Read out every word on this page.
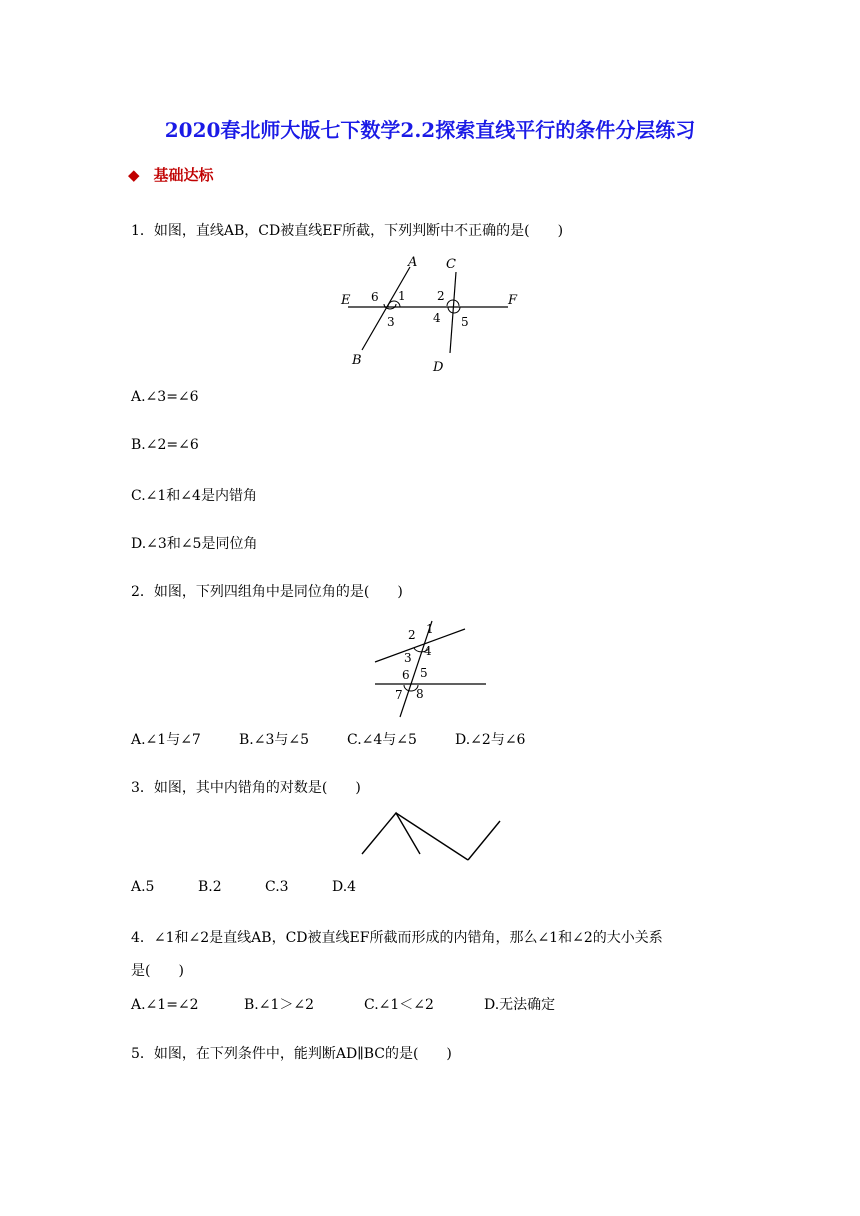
2020春北师大版七下数学2.2探索直线平行的条件分层练习
◆ 基础达标
1．如图，直线AB，CD被直线EF所截，下列判断中不正确的是(　　)
A C
E	F
B	D
1	2
3	4 5
6
A.∠3=∠6
B.∠2=∠6
C.∠1和∠4是内错角
D.∠3和∠5是同位角
2．如图，下列四组角中是同位角的是(　　)
1
2
3 4
5
6
7 8
A.∠1与∠7	B.∠3与∠5	C.∠4与∠5	D.∠2与∠6
3．如图，其中内错角的对数是(　　)
A.5	B.2	C.3	D.4
4．∠1和∠2是直线AB，CD被直线EF所截而形成的内错角，那么∠1和∠2的大小关系
是(　　)
A.∠1=∠2	B.∠1＞∠2	C.∠1＜∠2	D.无法确定
5．如图，在下列条件中，能判断AD∥BC的是(　　)
